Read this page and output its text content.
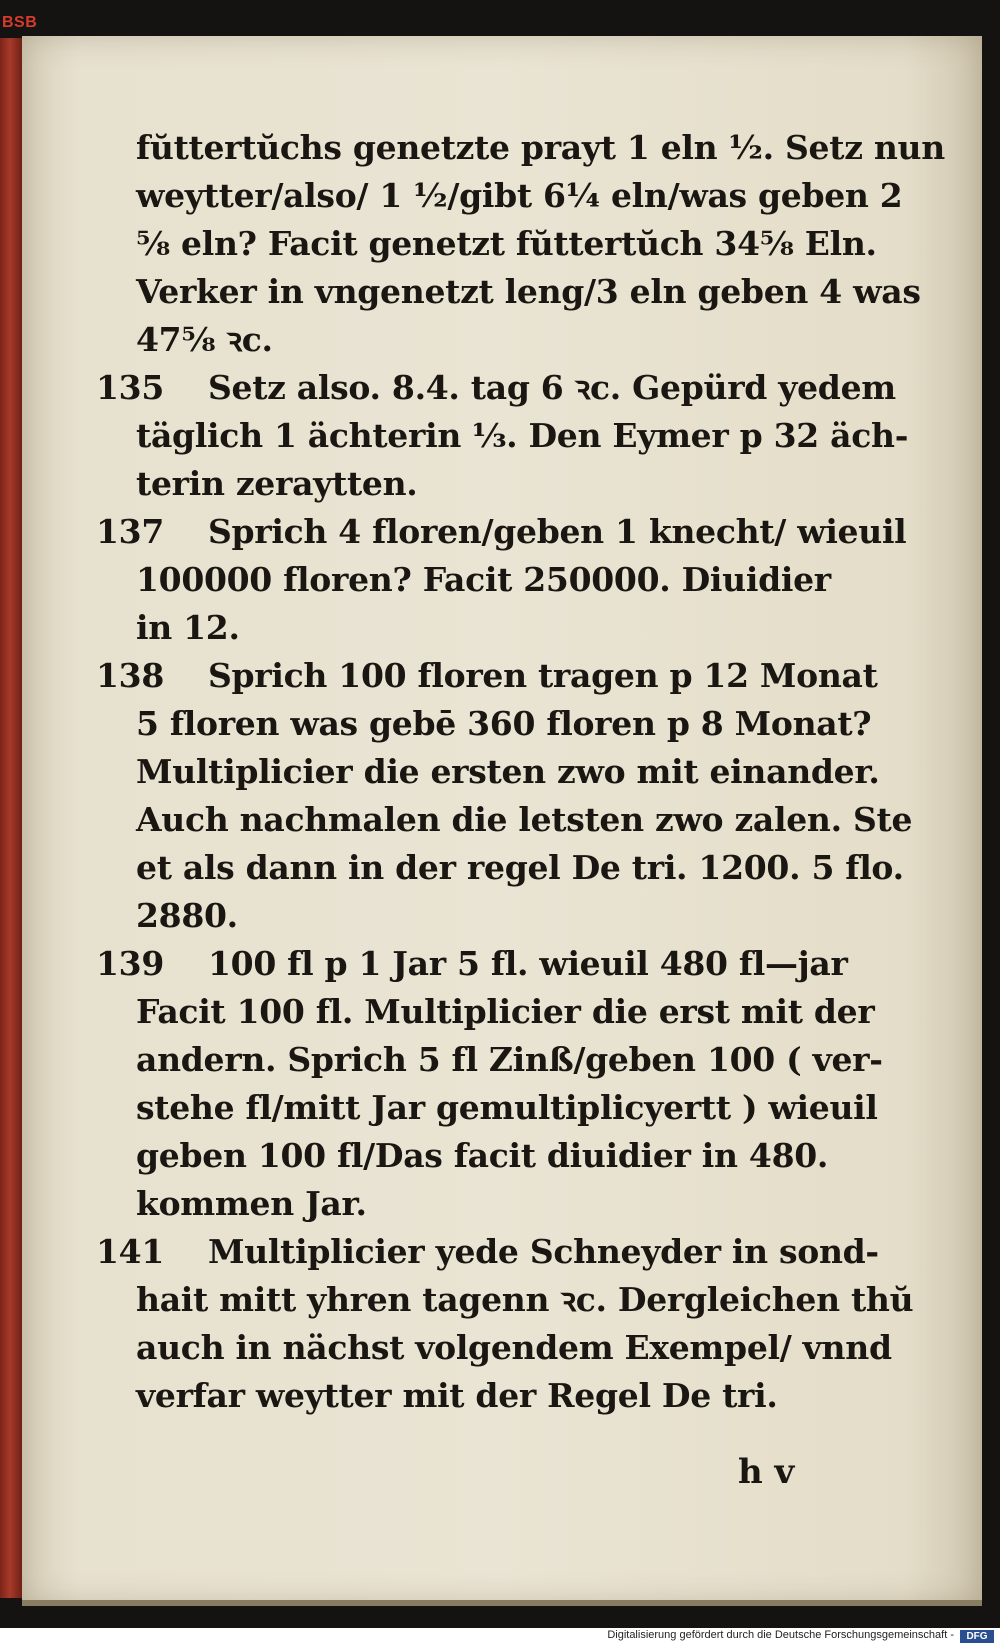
BSB
fŭttertŭchs genetzte prayt 1 eln ½. Setz nun
weytter/also/ 1 ½/gibt 6¼ eln/was geben 2
⅝ eln? Facit genetzt fŭttertŭch 34⅝ Eln.
Verker in vngenetzt leng/3 eln geben 4 was
47⅝ ꝛc.
135 Setz also. 8.4. tag 6 ꝛc. Gepürd yedem
täglich 1 ächterin ⅓. Den Eymer p 32 äch-
terin zeraytten.
137 Sprich 4 floren/geben 1 knecht/ wieuil
100000 floren? Facit 250000. Diuidier
in 12.
138 Sprich 100 floren tragen p 12 Monat
5 floren was gebē 360 floren p 8 Monat?
Multiplicier die ersten zwo mit einander.
Auch nachmalen die letsten zwo zalen. Ste
et als dann in der regel De tri. 1200. 5 flo.
2880.
139 100 fl p 1 Jar 5 fl. wieuil 480 fl—jar
Facit 100 fl. Multiplicier die erst mit der
andern. Sprich 5 fl Zinß/geben 100 ( ver-
stehe fl/mitt Jar gemultiplicyertt ) wieuil
geben 100 fl/Das facit diuidier in 480.
kommen Jar.
141 Multiplicier yede Schneyder in sond-
hait mitt yhren tagenn ꝛc. Dergleichen thŭ
auch in nächst volgendem Exempel/ vnnd
verfar weytter mit der Regel De tri.
h v
Digitalisierung gefördert durch die Deutsche Forschungsgemeinschaft -	DFG
